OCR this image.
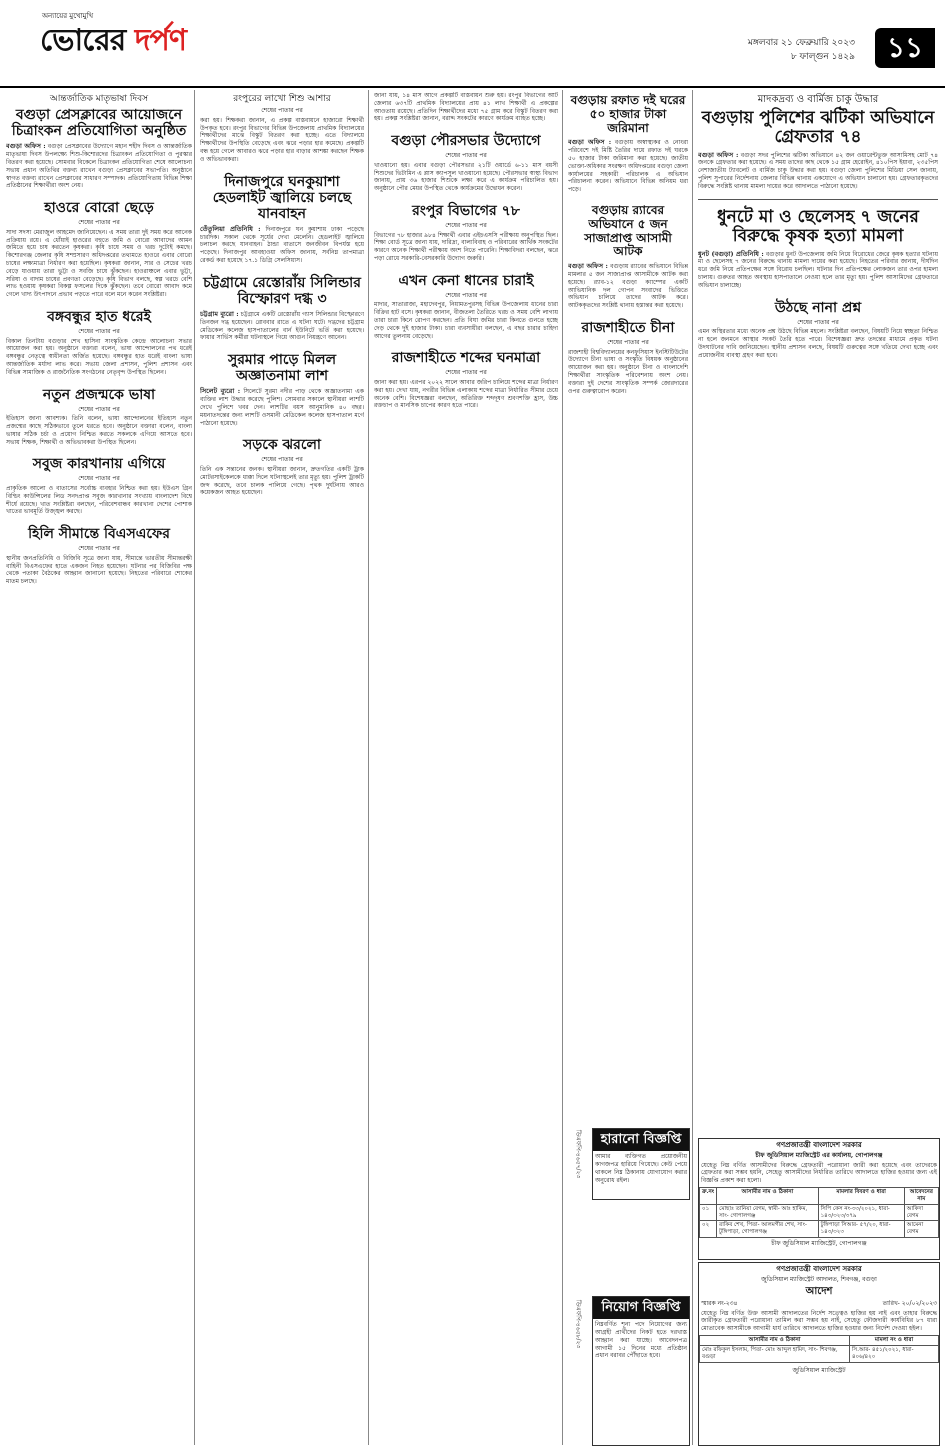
অন্যায়ের মুখোমুখি
ভোরের দর্পণ	মঙ্গলবার ২১ ফেব্রুয়ারি ২০২৩
৮ ফাল্গুন ১৪২৯	১১
আন্তর্জাতিক মাতৃভাষা দিবস
বগুড়া প্রেসক্লাবের আয়োজনে চিত্রাংকন প্রতিযোগিতা অনুষ্ঠিত
বগুড়া অফিস : বগুড়া প্রেসক্লাবের উদ্যোগে মহান শহীদ দিবস ও আন্তর্জাতিক মাতৃভাষা দিবস উপলক্ষ্যে শিশু-কিশোরদের চিত্রাংকন প্রতিযোগিতা ও পুরস্কার বিতরণ করা হয়েছে। সোমবার বিকেলে চিত্রাংকন প্রতিযোগিতা শেষে আলোচনা সভায় প্রধান অতিথির বক্তব্য রাখেন বগুড়া প্রেসক্লাবের সভাপতি। অনুষ্ঠানে স্বাগত বক্তব্য রাখেন প্রেসক্লাবের সাধারণ সম্পাদক। প্রতিযোগিতায় বিভিন্ন শিক্ষা প্রতিষ্ঠানের শিক্ষার্থীরা অংশ নেয়।
হাওরে বোরো ছেড়ে
শেষের পাতার পর
সাদা সদস্য মেরাজুল আহমেদ জানিয়েছেন। এ সময় তারা দুই সময় করে আনেক প্রক্রিয়ায় রয়ে। এ ধোঁয়াই হাওরের বহুতে জমি ও বোরো আবাদের আমন জমিতে হয়ে চাষ করতেন কৃষকরা। কৃষি চাষে সময় ও খরচ দুটোই কমছে। কিশোরগঞ্জ জেলার কৃষি সম্প্রসারণ অধিদপ্তরের তথ্যমতে হাওরে এবার বোরো চাষের লক্ষ্যমাত্রা নির্ধারণ করা হয়েছিল। কৃষকরা জানান, সার ও সেচের খরচ বেড়ে যাওয়ায় তারা ভুট্টা ও সবজি চাষে ঝুঁকছেন। হাওরাঞ্চলে এবার ভুট্টা, সরিষা ও বাদাম চাষের প্রবণতা বেড়েছে। কৃষি বিভাগ বলছে, স্বল্প খরচে বেশি লাভ হওয়ায় কৃষকরা বিকল্প ফসলের দিকে ঝুঁকছেন। তবে বোরো আবাদ কমে গেলে খাদ্য উৎপাদনে প্রভাব পড়তে পারে বলে মনে করেন সংশ্লিষ্টরা।
বঙ্গবন্ধুর হাত ধরেই
শেষের পাতার পর
বিকাল তিনটায় বগুড়ার শেখ হাসিনা সাংস্কৃতিক কেন্দ্রে আলোচনা সভার আয়োজন করা হয়। অনুষ্ঠানে বক্তারা বলেন, ভাষা আন্দোলনের পথ ধরেই বঙ্গবন্ধুর নেতৃত্বে স্বাধীনতা অর্জিত হয়েছে। বঙ্গবন্ধুর হাত ধরেই বাংলা ভাষা আন্তর্জাতিক মর্যাদা লাভ করে। সভায় জেলা প্রশাসন, পুলিশ প্রশাসন এবং বিভিন্ন সামাজিক ও রাজনৈতিক সংগঠনের নেতৃবৃন্দ উপস্থিত ছিলেন।
নতুন প্রজন্মকে ভাষা
শেষের পাতার পর
ইতিহাস জানা আবশ্যক। তিনি বলেন, ভাষা আন্দোলনের ইতিহাস নতুন প্রজন্মের কাছে সঠিকভাবে তুলে ধরতে হবে। অনুষ্ঠানে বক্তারা বলেন, বাংলা ভাষার সঠিক চর্চা ও প্রয়োগ নিশ্চিত করতে সকলকে এগিয়ে আসতে হবে। সভায় শিক্ষক, শিক্ষার্থী ও অভিভাবকরা উপস্থিত ছিলেন।
সবুজ কারখানায় এগিয়ে
শেষের পাতার পর
প্রাকৃতিক আলো ও বাতাসের সর্বোচ্চ ব্যবহার নিশ্চিত করা হয়। ইউএস গ্রিন বিল্ডিং কাউন্সিলের লিড সনদপ্রাপ্ত সবুজ কারখানার সংখ্যায় বাংলাদেশ বিশ্বে শীর্ষে রয়েছে। খাত সংশ্লিষ্টরা বলছেন, পরিবেশবান্ধব কারখানা দেশের পোশাক খাতের ভাবমূর্তি উজ্জ্বল করছে।
হিলি সীমান্তে বিএসএফের
শেষের পাতার পর
স্থানীয় জনপ্রতিনিধি ও বিজিবি সূত্রে জানা যায়, সীমান্তে ভারতীয় সীমান্তরক্ষী বাহিনী বিএসএফের হাতে একজন নিহত হয়েছেন। ঘটনার পর বিজিবির পক্ষ থেকে পতাকা বৈঠকের আহ্বান জানানো হয়েছে। নিহতের পরিবারে শোকের মাতম চলছে।
রংপুরের লাখো শিশু আশার
শেষের পাতার পর
করা হয়। শিক্ষকরা জানান, এ প্রকল্প বাস্তবায়নে হাজারো শিক্ষার্থী উপকৃত হবে। রংপুর বিভাগের বিভিন্ন উপজেলায় প্রাথমিক বিদ্যালয়ের শিক্ষার্থীদের মাঝে বিস্কুট বিতরণ করা হচ্ছে। এতে বিদ্যালয়ে শিক্ষার্থীদের উপস্থিতি বেড়েছে এবং ঝরে পড়ার হার কমেছে। প্রকল্পটি বন্ধ হয়ে গেলে আবারও ঝরে পড়ার হার বাড়ার আশঙ্কা করছেন শিক্ষক ও অভিভাবকরা।
দিনাজপুরে ঘনকুয়াশা হেডলাইট জ্বালিয়ে চলছে যানবাহন
তেঁতুলিয়া প্রতিনিধি : দিনাজপুরে ঘন কুয়াশায় ঢাকা পড়েছে চারদিক। সকাল থেকে সূর্যের দেখা মেলেনি। হেডলাইট জ্বালিয়ে চলাচল করছে যানবাহন। ঠান্ডা বাতাসে জনজীবন বিপর্যস্ত হয়ে পড়েছে। দিনাজপুর আবহাওয়া অফিস জানায়, সর্বনিম্ন তাপমাত্রা রেকর্ড করা হয়েছে ১৭.১ ডিগ্রি সেলসিয়াস।
চট্টগ্রামে রেস্তোরাঁয় সিলিন্ডার বিস্ফোরণ দগ্ধ ৩
চট্টগ্রাম ব্যুরো : চট্টগ্রামে একটি রেস্তোরাঁয় গ্যাস সিলিন্ডার বিস্ফোরণে তিনজন দগ্ধ হয়েছেন। রোববার রাতে এ ঘটনা ঘটে। দগ্ধদের চট্টগ্রাম মেডিকেল কলেজ হাসপাতালের বার্ন ইউনিটে ভর্তি করা হয়েছে। ফায়ার সার্ভিস কর্মীরা ঘটনাস্থলে গিয়ে আগুন নিয়ন্ত্রণে আনেন।
সুরমার পাড়ে মিলল অজ্ঞাতনামা লাশ
সিলেট ব্যুরো : সিলেটে সুরমা নদীর পাড় থেকে অজ্ঞাতনামা এক ব্যক্তির লাশ উদ্ধার করেছে পুলিশ। সোমবার সকালে স্থানীয়রা লাশটি দেখে পুলিশে খবর দেন। লাশটির বয়স আনুমানিক ৪০ বছর। ময়নাতদন্তের জন্য লাশটি ওসমানী মেডিকেল কলেজ হাসপাতাল মর্গে পাঠানো হয়েছে।
সড়কে ঝরলো
শেষের পাতার পর
তিনি এক সন্তানের জনক। স্থানীয়রা জানান, দ্রুতগতির একটি ট্রাক মোটরসাইকেলকে ধাক্কা দিলে ঘটনাস্থলেই তার মৃত্যু হয়। পুলিশ ট্রাকটি জব্দ করেছে, তবে চালক পালিয়ে গেছে। পৃথক দুর্ঘটনায় আরও কয়েকজন আহত হয়েছেন।
জানা যায়, ১৪ মাস আগে প্রকল্পটি বাস্তবায়ন শুরু হয়। রংপুর বিভাগের আট জেলার ৬৩৭টি প্রাথমিক বিদ্যালয়ের প্রায় ৪১ লাখ শিক্ষার্থী এ প্রকল্পের আওতায় রয়েছে। প্রতিদিন শিক্ষার্থীদের মধ্যে ৭৫ গ্রাম করে বিস্কুট বিতরণ করা হয়। প্রকল্প সংশ্লিষ্টরা জানান, বরাদ্দ সংকটের কারণে কার্যক্রম ব্যাহত হচ্ছে।
বগুড়া পৌরসভার উদ্যোগে
শেষের পাতার পর
খাওয়ানো হয়। এবার বগুড়া পৌরসভার ২১টি ওয়ার্ডে ৬-১১ মাস বয়সী শিশুদের ভিটামিন এ প্লাস ক্যাপসুল খাওয়ানো হয়েছে। পৌরসভার স্বাস্থ্য বিভাগ জানায়, প্রায় ৩৬ হাজার শিশুকে লক্ষ্য করে এ কার্যক্রম পরিচালিত হয়। অনুষ্ঠানে পৌর মেয়র উপস্থিত থেকে কার্যক্রমের উদ্বোধন করেন।
রংপুর বিভাগের ৭৮
শেষের পাতার পর
বিভাগের ৭৮ হাজার ৯৮৪ শিক্ষার্থী এবার এইচএসসি পরীক্ষায় অনুপস্থিত ছিল। শিক্ষা বোর্ড সূত্রে জানা যায়, দারিদ্র্য, বাল্যবিবাহ ও পরিবারের আর্থিক সংকটের কারণে অনেক শিক্ষার্থী পরীক্ষায় অংশ নিতে পারেনি। শিক্ষাবিদরা বলছেন, ঝরে পড়া রোধে সরকারি-বেসরকারি উদ্যোগ জরুরি।
এখন কেনা ধানের চারাই
শেষের পাতার পর
মাদার, সাতারাজা, মহাদেবপুর, নিয়ামতপুরসহ বিভিন্ন উপজেলায় ধানের চারা বিক্রির হাট বসে। কৃষকরা জানান, বীজতলা তৈরিতে খরচ ও সময় বেশি লাগায় তারা চারা কিনে রোপণ করছেন। প্রতি বিঘা জমির চারা কিনতে গুনতে হচ্ছে দেড় থেকে দুই হাজার টাকা। চারা ব্যবসায়ীরা বলছেন, এ বছর চারার চাহিদা আগের তুলনায় বেড়েছে।
রাজশাহীতে শব্দের ঘনমাত্রা
শেষের পাতার পর
জানা করা হয়। এরপর ২০২২ সালে আবার জরিপ চালিয়ে শব্দের মাত্রা নির্ধারণ করা হয়। দেখা যায়, নগরীর বিভিন্ন এলাকায় শব্দের মাত্রা নির্ধারিত সীমার চেয়ে অনেক বেশি। বিশেষজ্ঞরা বলছেন, অতিরিক্ত শব্দদূষণ শ্রবণশক্তি হ্রাস, উচ্চ রক্তচাপ ও মানসিক চাপের কারণ হতে পারে।
বগুড়ায় রফাত দই ঘরের ৫০ হাজার টাকা জরিমানা
বগুড়া অফিস : বগুড়ায় অস্বাস্থ্যকর ও নোংরা পরিবেশে দই মিষ্টি তৈরির দায়ে রফাত দই ঘরকে ৫০ হাজার টাকা জরিমানা করা হয়েছে। জাতীয় ভোক্তা-অধিকার সংরক্ষণ অধিদপ্তরের বগুড়া জেলা কার্যালয়ের সহকারী পরিচালক এ অভিযান পরিচালনা করেন। অভিযানে বিভিন্ন অনিয়ম ধরা পড়ে।
বগুড়ায় র‍্যাবের অভিযানে ৫ জন সাজাপ্রাপ্ত আসামী আটক
বগুড়া অফিস : বগুড়ায় র‍্যাবের অভিযানে বিভিন্ন মামলার ৫ জন সাজাপ্রাপ্ত আসামীকে আটক করা হয়েছে। র‍্যাব-১২ বগুড়া ক্যাম্পের একটি আভিযানিক দল গোপন সংবাদের ভিত্তিতে অভিযান চালিয়ে তাদের আটক করে। আটককৃতদের সংশ্লিষ্ট থানায় হস্তান্তর করা হয়েছে।
রাজশাহীতে চীনা
শেষের পাতার পর
রাজশাহী বিশ্ববিদ্যালয়ের কনফুসিয়াস ইনস্টিটিউটের উদ্যোগে চীনা ভাষা ও সংস্কৃতি বিষয়ক অনুষ্ঠানের আয়োজন করা হয়। অনুষ্ঠানে চীনা ও বাংলাদেশি শিক্ষার্থীরা সাংস্কৃতিক পরিবেশনায় অংশ নেয়। বক্তারা দুই দেশের সাংস্কৃতিক সম্পর্ক জোরদারের ওপর গুরুত্বারোপ করেন।
হারানো বিজ্ঞপ্তি
আমার ব্যক্তিগত প্রয়োজনীয় কাগজপত্র হারিয়ে গিয়েছে। কেউ পেয়ে থাকলে নিম্ন ঠিকানায় যোগাযোগ করার অনুরোধ রইল।
নিয়োগ বিজ্ঞপ্তি
নিম্নবর্ণিত শূন্য পদে নিয়োগের জন্য আগ্রহী প্রার্থীদের নিকট হতে দরখাস্ত আহ্বান করা যাচ্ছে। আবেদনপত্র আগামী ১৫ দিনের মধ্যে প্রতিষ্ঠান প্রধান বরাবর পৌঁছাতে হবে।
ডিএফপি-৪৬৫৭/২৩
ডিএফপি-৪৬৫৮/২৩
মাদকদ্রব্য ও বার্মিজ চাকু উদ্ধার
বগুড়ায় পুলিশের ঝটিকা অভিযানে গ্রেফতার ৭৪
বগুড়া অফিস : বগুড়া সদর পুলিশের ঝটিকা অভিযানে ৪২ জন ওয়ারেন্টভুক্ত আসামিসহ মোট ৭৪ জনকে গ্রেফতার করা হয়েছে। এ সময় তাদের কাছ থেকে ১৫ গ্রাম হেরোইন, ৪১০পিস ইয়াবা, ২৩৫পিস নেশাজাতীয় ট্যাবলেট ও বার্মিজ চাকু উদ্ধার করা হয়। বগুড়া জেলা পুলিশের মিডিয়া সেল জানায়, পুলিশ সুপারের নির্দেশনায় জেলার বিভিন্ন থানায় একযোগে এ অভিযান চালানো হয়। গ্রেফতারকৃতদের বিরুদ্ধে সংশ্লিষ্ট থানায় মামলা দায়ের করে আদালতে পাঠানো হয়েছে।
ধুনটে মা ও ছেলেসহ ৭ জনের বিরুদ্ধে কৃষক হত্যা মামলা
ধুনট (বগুড়া) প্রতিনিধি : বগুড়ার ধুনট উপজেলায় জমি নিয়ে বিরোধের জেরে কৃষক হত্যার ঘটনায় মা ও ছেলেসহ ৭ জনের বিরুদ্ধে থানায় মামলা দায়ের করা হয়েছে। নিহতের পরিবার জানায়, দীর্ঘদিন ধরে জমি নিয়ে প্রতিপক্ষের সঙ্গে বিরোধ চলছিল। ঘটনার দিন প্রতিপক্ষের লোকজন তার ওপর হামলা চালায়। গুরুতর আহত অবস্থায় হাসপাতালে নেওয়া হলে তার মৃত্যু হয়। পুলিশ আসামিদের গ্রেফতারে অভিযান চালাচ্ছে।
উঠছে নানা প্রশ্ন
শেষের পাতার পর
এমন অস্থিরতার মধ্যে অনেক প্রশ্ন উঠছে বিভিন্ন মহলে। সংশ্লিষ্টরা বলছেন, বিষয়টি নিয়ে স্বচ্ছতা নিশ্চিত না হলে জনমনে আস্থার সংকট তৈরি হতে পারে। বিশেষজ্ঞরা দ্রুত তদন্তের মাধ্যমে প্রকৃত ঘটনা উদঘাটনের দাবি জানিয়েছেন। স্থানীয় প্রশাসন বলছে, বিষয়টি গুরুত্বের সঙ্গে খতিয়ে দেখা হচ্ছে এবং প্রয়োজনীয় ব্যবস্থা গ্রহণ করা হবে।
গণপ্রজাতন্ত্রী বাংলাদেশ সরকার
চীফ জুডিসিয়াল ম্যাজিস্ট্রেট এর কার্যালয়, গোপালগঞ্জ
যেহেতু নিম্ন বর্ণিত আসামীদের বিরুদ্ধে গ্রেফতারী পরোয়ানা জারী করা হয়েছে এবং তাদেরকে গ্রেফতার করা সম্ভব হয়নি, সেহেতু আসামীদের নির্ধারিত তারিখে আদালতে হাজির হওয়ার জন্য এই বিজ্ঞপ্তি প্রকাশ করা হলো।
ক্র.নং	আসামীর নাম ও ঠিকানা	মামলার বিবরণ ও ধারা	আবেদনের নাম
০১	মোছাঃ তানিয়া বেগম, স্বামী- আঃ হাকিম, সাং- গোপালগঞ্জ	সিপি কেস নং-৩৩/২০২১, ধারা- ১৪৩/৩২৩/৩৭৯	আকিদা বেগম
০২	রাকিব শেখ, পিতা- আলমগীর শেখ, সাং- টুঙ্গিপাড়া, গোপালগঞ্জ	টুঙ্গিপাড়া সিআর- ৫৭/২০, ধারা- ১৪৩/৩২৩	আমেনা বেগম
চীফ জুডিসিয়াল ম্যাজিস্ট্রেট, গোপালগঞ্জ
গণপ্রজাতন্ত্রী বাংলাদেশ সরকার
জুডিসিয়াল ম্যাজিস্ট্রেট আদালত, শিবগঞ্জ, বগুড়া
আদেশ
স্মারক নং-২৩৪	তারিখ- ২০/০২/২০২৩
যেহেতু নিম্ন বর্ণিত উক্ত আসামী আদালতের নির্দেশ সত্ত্বেও হাজির হয় নাই এবং তাহার বিরুদ্ধে জারীকৃত গ্রেফতারী পরোয়ানা তামিল করা সম্ভব হয় নাই, সেহেতু ফৌজদারী কার্যবিধির ৮৭ ধারা মোতাবেক আসামীকে আগামী ধার্য তারিখে আদালতে হাজির হওয়ার জন্য নির্দেশ দেওয়া হইল।
আসামীর নাম ও ঠিকানা	মামলা নং ও ধারা
মোঃ রফিকুল ইসলাম, পিতা- মোঃ আব্দুল হামিদ, সাং- শিবগঞ্জ, বগুড়া	সি.আর- ৪৫১/২০২১, ধারা- ৪০৬/৪২০
জুডিসিয়াল ম্যাজিস্ট্রেট
